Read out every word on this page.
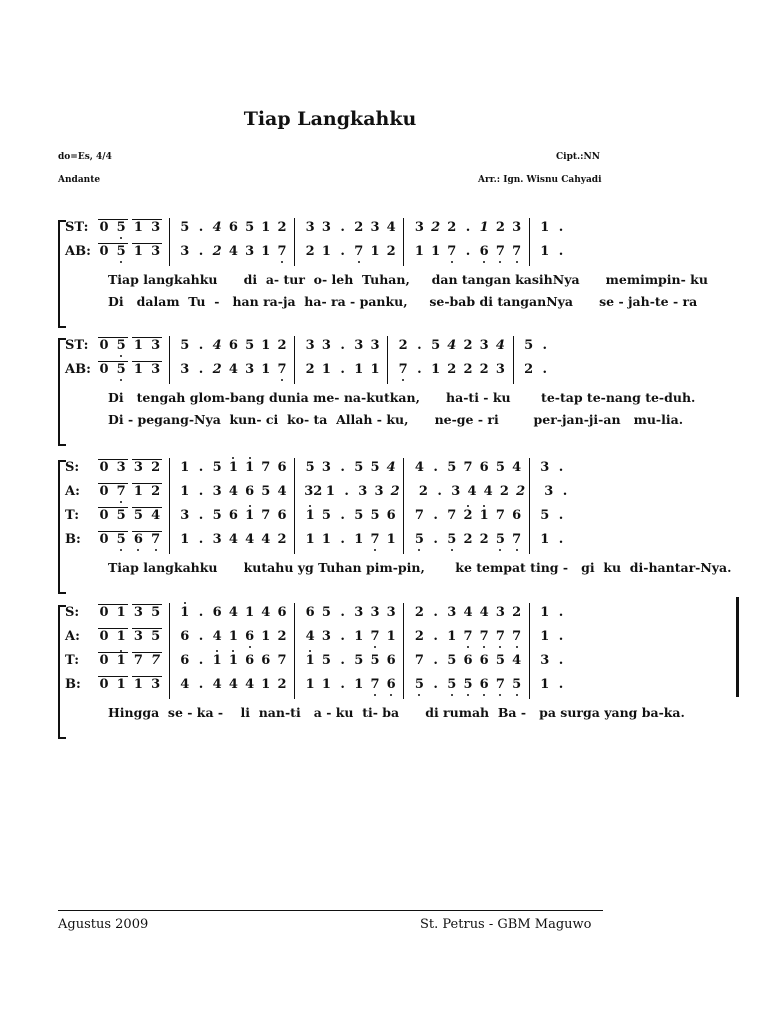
Tiap Langkahku
do=Es, 4/4	Cipt.:NN
Andante	Arr.: Ign. Wisnu Cahyadi
ST: 0 5 1 3 5 . 4 6 5 1 2 3 3 . 2 3 4 3 2 2 . 1 2 3 1 .
AB: 0 5 1 3 3 . 2 4 3 1 7 2 1 . 7 1 2 1 1 7 . 6 7 7 1 .
Tiap langkahku      di  a- tur  o- leh  Tuhan,     dan tangan kasihNya      memimpin- ku
Di   dalam  Tu  -   han ra-ja  ha- ra - panku,     se-bab di tanganNya      se - jah-te - ra
ST: 0 5 1 3 5 . 4 6 5 1 2 3 3 . 3 3 2 . 5 4 2 3 4 5 .
AB: 0 5 1 3 3 . 2 4 3 1 7 2 1 . 1 1 7 . 1 2 2 2 3 2 .
Di   tengah glom-bang dunia me- na-kutkan,      ha-ti - ku       te-tap te-nang te-duh.
Di - pegang-Nya  kun- ci  ko- ta  Allah - ku,      ne-ge - ri        per-jan-ji-an   mu-lia.
S: 0 3 3 2 1 . 5 1 1 7 6 5 3 . 5 5 4 4 . 5 7 6 5 4 3 .
A: 0 7 1 2 1 . 3 4 6 5 4 32 1 . 3 3 2 2 . 3 4 4 2 2 3 .
T: 0 5 5 4 3 . 5 6 1 7 6 1 5 . 5 5 6 7 . 7 2 1 7 6 5 .
B: 0 5 6 7 1 . 3 4 4 4 2 1 1 . 1 7 1 5 . 5 2 2 5 7 1 .
Tiap langkahku      kutahu yg Tuhan pim-pin,       ke tempat ting -   gi  ku  di-hantar-Nya.
S: 0 1 3 5 1 . 6 4 1 4 6 6 5 . 3 3 3 2 . 3 4 4 3 2 1 .
A: 0 1 3 5 6 . 4 1 6 1 2 4 3 . 1 7 1 2 . 1 7 7 7 7 1 .
T: 0 1 7 7 6 . 1 1 6 6 7 1 5 . 5 5 6 7 . 5 6 6 5 4 3 .
B: 0 1 1 3 4 . 4 4 4 1 2 1 1 . 1 7 6 5 . 5 5 6 7 5 1 .
Hingga  se - ka -    li  nan-ti   a - ku  ti- ba      di rumah  Ba -   pa surga yang ba-ka.
Agustus 2009	St. Petrus - GBM Maguwo
